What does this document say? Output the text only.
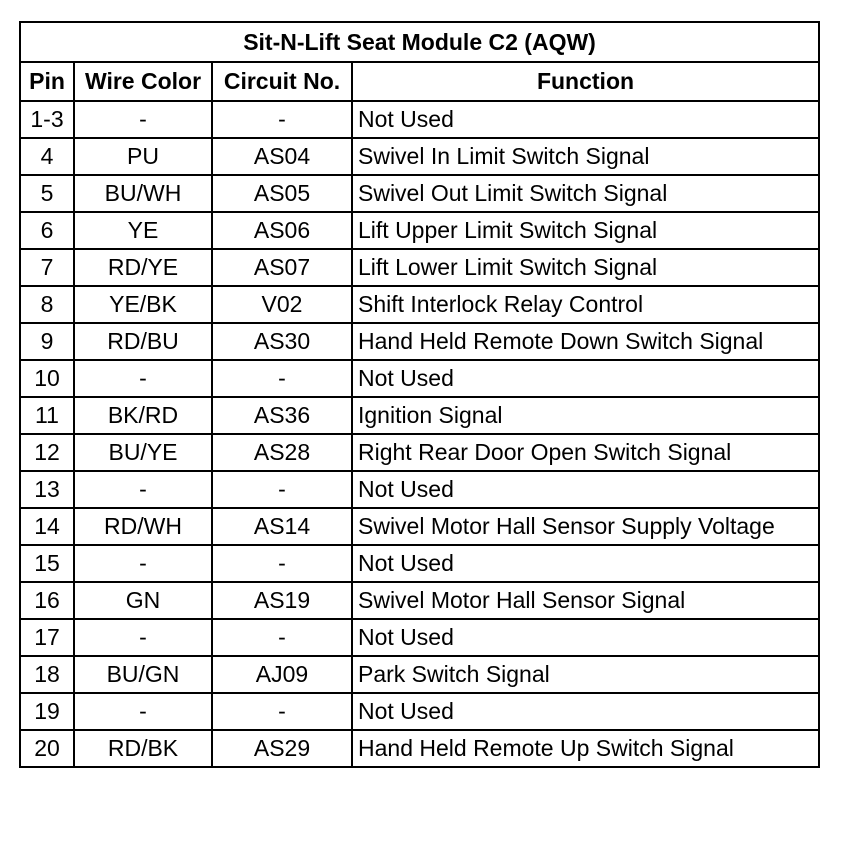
Sit-N-Lift Seat Module C2 (AQW)			
Pin	Wire Color	Circuit No.	Function
1-3	-	-	Not Used
4	PU	AS04	Swivel In Limit Switch Signal
5	BU/WH	AS05	Swivel Out Limit Switch Signal
6	YE	AS06	Lift Upper Limit Switch Signal
7	RD/YE	AS07	Lift Lower Limit Switch Signal
8	YE/BK	V02	Shift Interlock Relay Control
9	RD/BU	AS30	Hand Held Remote Down Switch Signal
10	-	-	Not Used
11	BK/RD	AS36	Ignition Signal
12	BU/YE	AS28	Right Rear Door Open Switch Signal
13	-	-	Not Used
14	RD/WH	AS14	Swivel Motor Hall Sensor Supply Voltage
15	-	-	Not Used
16	GN	AS19	Swivel Motor Hall Sensor Signal
17	-	-	Not Used
18	BU/GN	AJ09	Park Switch Signal
19	-	-	Not Used
20	RD/BK	AS29	Hand Held Remote Up Switch Signal
